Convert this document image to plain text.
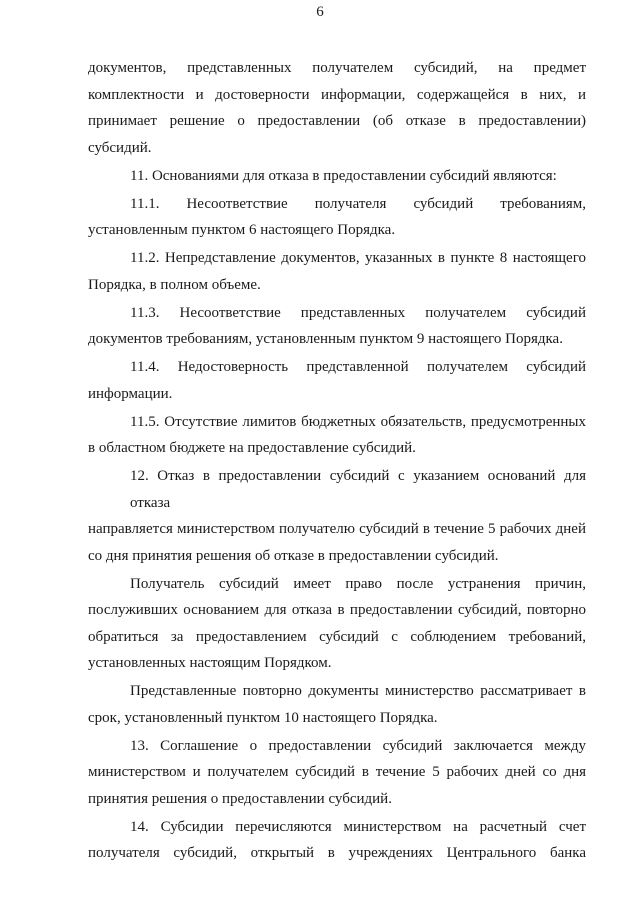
6
документов, представленных получателем субсидий, на предмет
комплектности и достоверности информации, содержащейся в них, и
принимает решение о предоставлении (об отказе в предоставлении)
субсидий.
11. Основаниями для отказа в предоставлении субсидий являются:
11.1. Несоответствие получателя субсидий требованиям,
установленным пунктом 6 настоящего Порядка.
11.2. Непредставление документов, указанных в пункте 8 настоящего
Порядка, в полном объеме.
11.3. Несоответствие представленных получателем субсидий
документов требованиям, установленным пунктом 9 настоящего Порядка.
11.4. Недостоверность представленной получателем субсидий
информации.
11.5. Отсутствие лимитов бюджетных обязательств, предусмотренных
в областном бюджете на предоставление субсидий.
12. Отказ в предоставлении субсидий с указанием оснований для отказа
направляется министерством получателю субсидий в течение 5 рабочих дней
со дня принятия решения об отказе в предоставлении субсидий.
Получатель субсидий имеет право после устранения причин,
послуживших основанием для отказа в предоставлении субсидий, повторно
обратиться за предоставлением субсидий с соблюдением требований,
установленных настоящим Порядком.
Представленные повторно документы министерство рассматривает в
срок, установленный пунктом 10 настоящего Порядка.
13. Соглашение о предоставлении субсидий заключается между
министерством и получателем субсидий в течение 5 рабочих дней со дня
принятия решения о предоставлении субсидий.
14. Субсидии перечисляются министерством на расчетный счет
получателя субсидий, открытый в учреждениях Центрального банка
